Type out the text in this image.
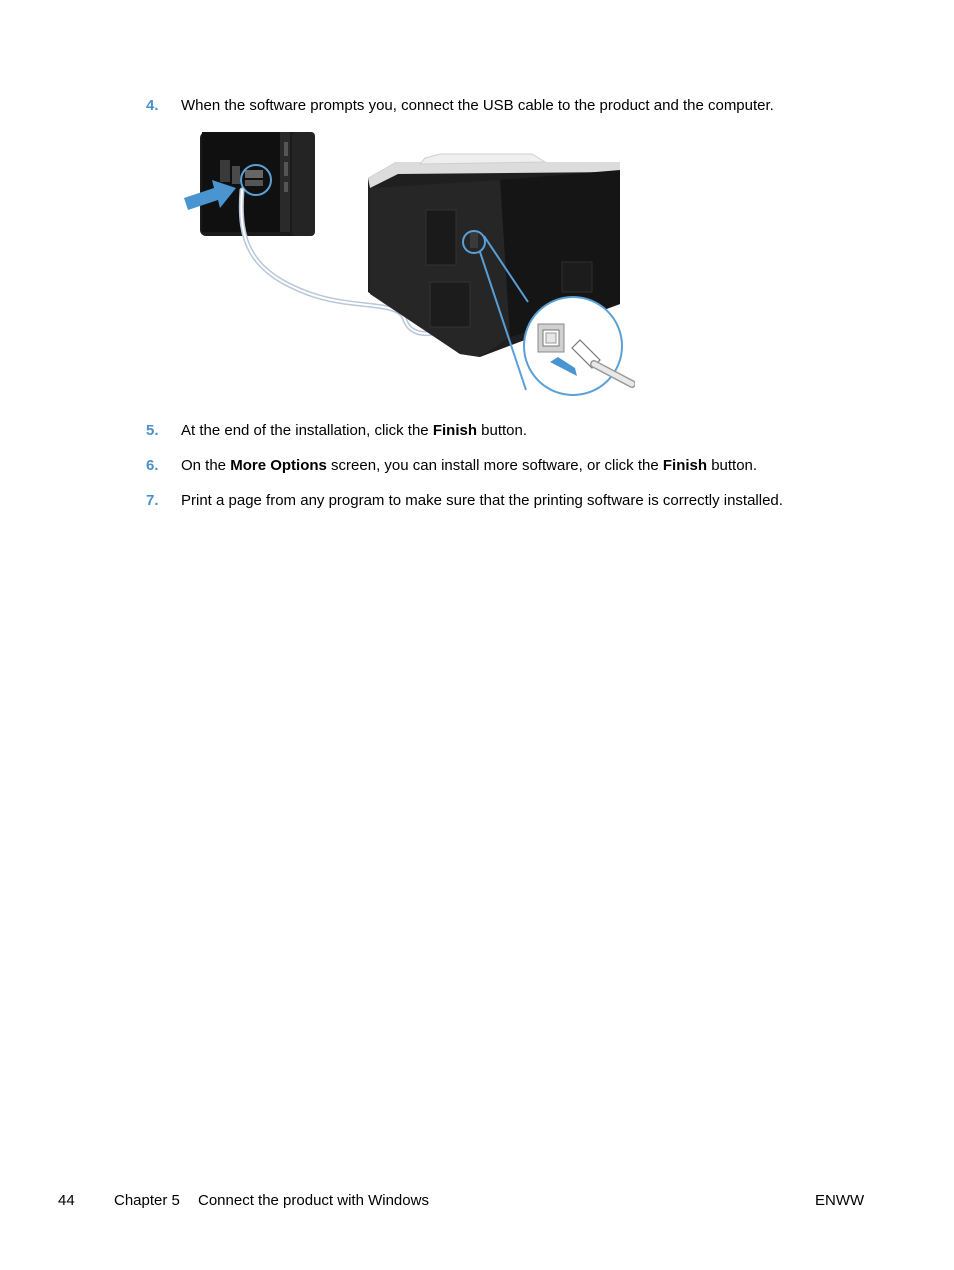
4. When the software prompts you, connect the USB cable to the product and the computer.
5. At the end of the installation, click the Finish button.
6. On the More Options screen, you can install more software, or click the Finish button.
7. Print a page from any program to make sure that the printing software is correctly installed.
44	Chapter 5 Connect the product with Windows	ENWW
